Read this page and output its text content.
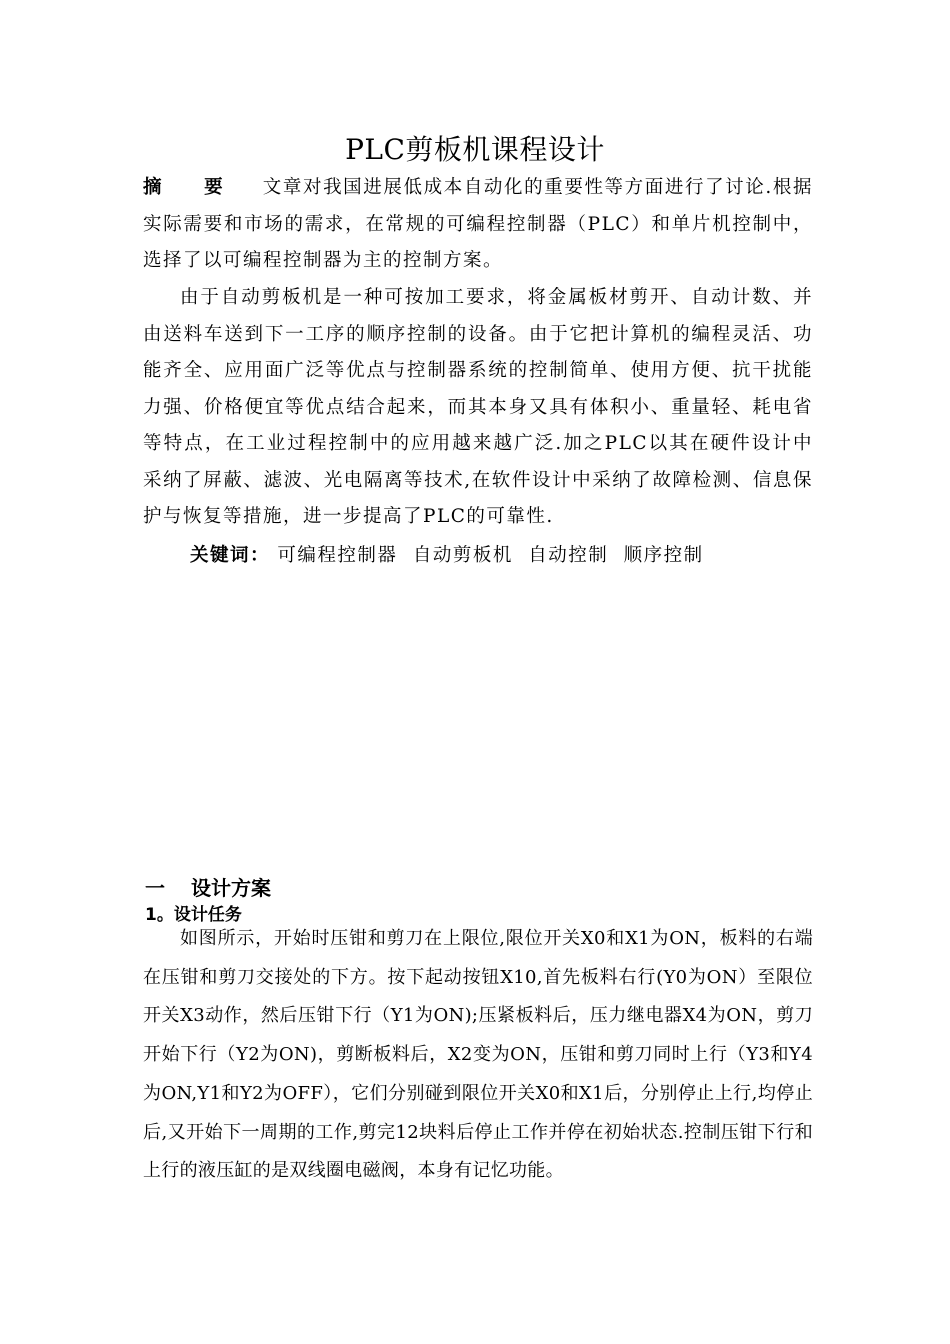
PLC剪板机课程设计
摘 要 文章对我国进展低成本自动化的重要性等方面进行了讨论.根据实际需要和市场的需求，在常规的可编程控制器（PLC）和单片机控制中，选择了以可编程控制器为主的控制方案。
由于自动剪板机是一种可按加工要求，将金属板材剪开、自动计数、并由送料车送到下一工序的顺序控制的设备。由于它把计算机的编程灵活、功能齐全、应用面广泛等优点与控制器系统的控制简单、使用方便、抗干扰能力强、价格便宜等优点结合起来，而其本身又具有体积小、重量轻、耗电省等特点，在工业过程控制中的应用越来越广泛.加之PLC以其在硬件设计中采纳了屏蔽、滤波、光电隔离等技术,在软件设计中采纳了故障检测、信息保护与恢复等措施，进一步提高了PLC的可靠性.
关键词： 可编程控制器 自动剪板机 自动控制 顺序控制
一 设计方案
1。设计任务
如图所示，开始时压钳和剪刀在上限位,限位开关X0和X1为ON，板料的右端在压钳和剪刀交接处的下方。按下起动按钮X10,首先板料右行(Y0为ON）至限位开关X3动作，然后压钳下行（Y1为ON);压紧板料后，压力继电器X4为ON，剪刀开始下行（Y2为ON)，剪断板料后，X2变为ON，压钳和剪刀同时上行（Y3和Y4为ON,Y1和Y2为OFF），它们分别碰到限位开关X0和X1后，分别停止上行,均停止后,又开始下一周期的工作,剪完12块料后停止工作并停在初始状态.控制压钳下行和上行的液压缸的是双线圈电磁阀，本身有记忆功能。
